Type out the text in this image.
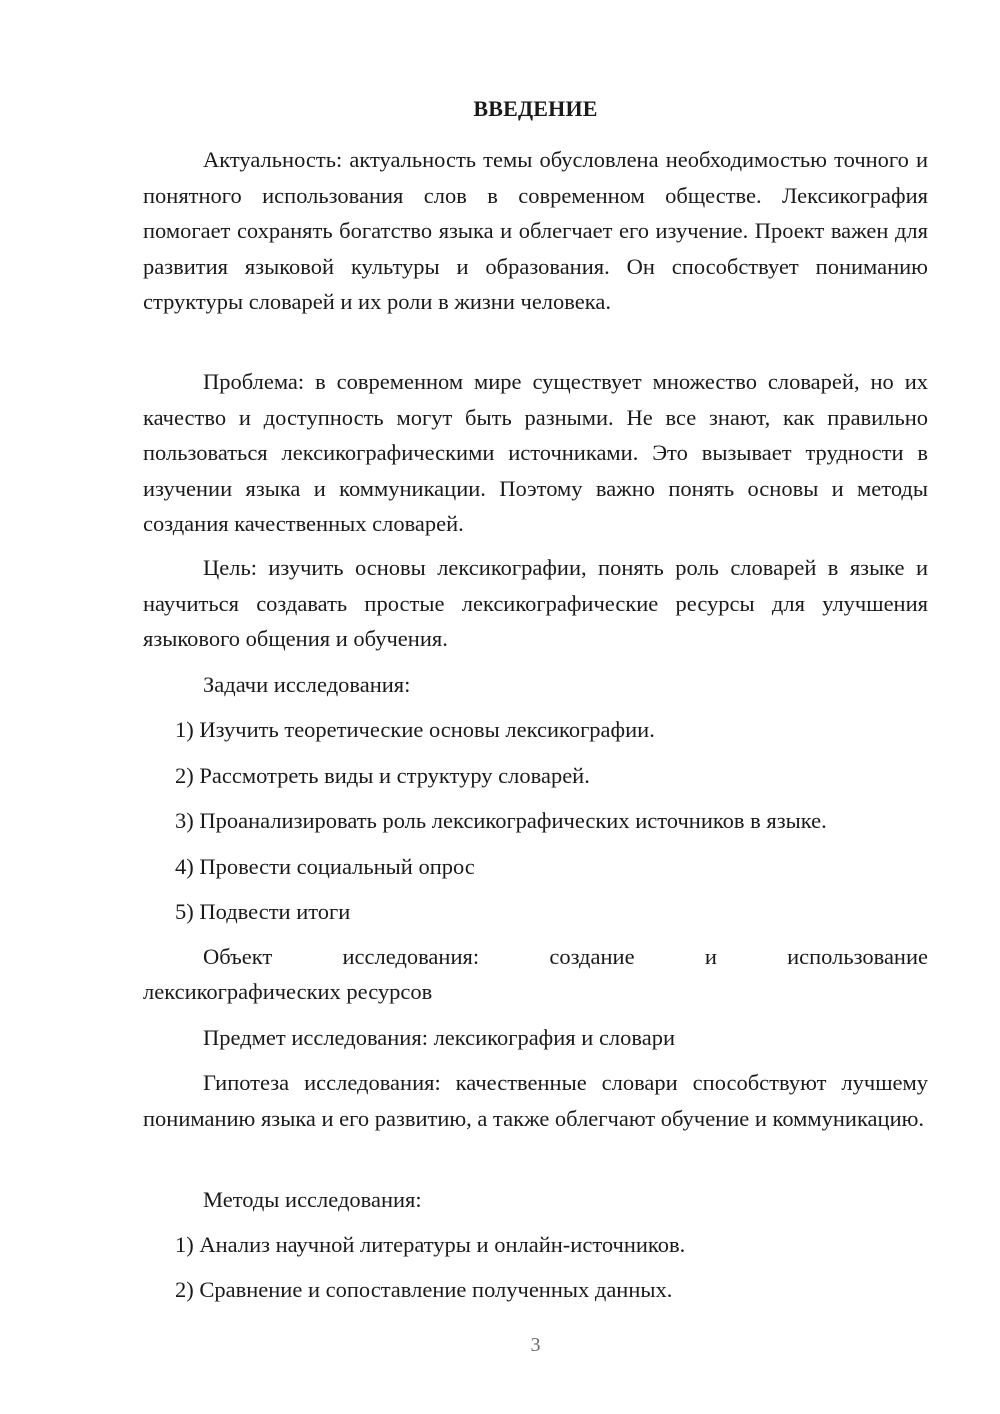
ВВЕДЕНИЕ

Актуальность: актуальность темы обусловлена необходимостью точного и понятного использования слов в современном обществе. Лексикография помогает сохранять богатство языка и облегчает его изучение. Проект важен для развития языковой культуры и образования. Он способствует пониманию структуры словарей и их роли в жизни человека.

Проблема: в современном мире существует множество словарей, но их качество и доступность могут быть разными. Не все знают, как правильно пользоваться лексикографическими источниками. Это вызывает трудности в изучении языка и коммуникации. Поэтому важно понять основы и методы создания качественных словарей.

Цель: изучить основы лексикографии, понять роль словарей в языке и научиться создавать простые лексикографические ресурсы для улучшения языкового общения и обучения.

Задачи исследования:

1) Изучить теоретические основы лексикографии.

2) Рассмотреть виды и структуру словарей.

3) Проанализировать роль лексикографических источников в языке.

4) Провести социальный опрос

5) Подвести итоги

Объект	исследования:	создание	и	использование

лексикографических ресурсов

Предмет исследования: лексикография и словари

Гипотеза исследования: качественные словари способствуют лучшему пониманию языка и его развитию, а также облегчают обучение и коммуникацию.

Методы исследования:

1) Анализ научной литературы и онлайн-источников.

2) Сравнение и сопоставление полученных данных.

3
